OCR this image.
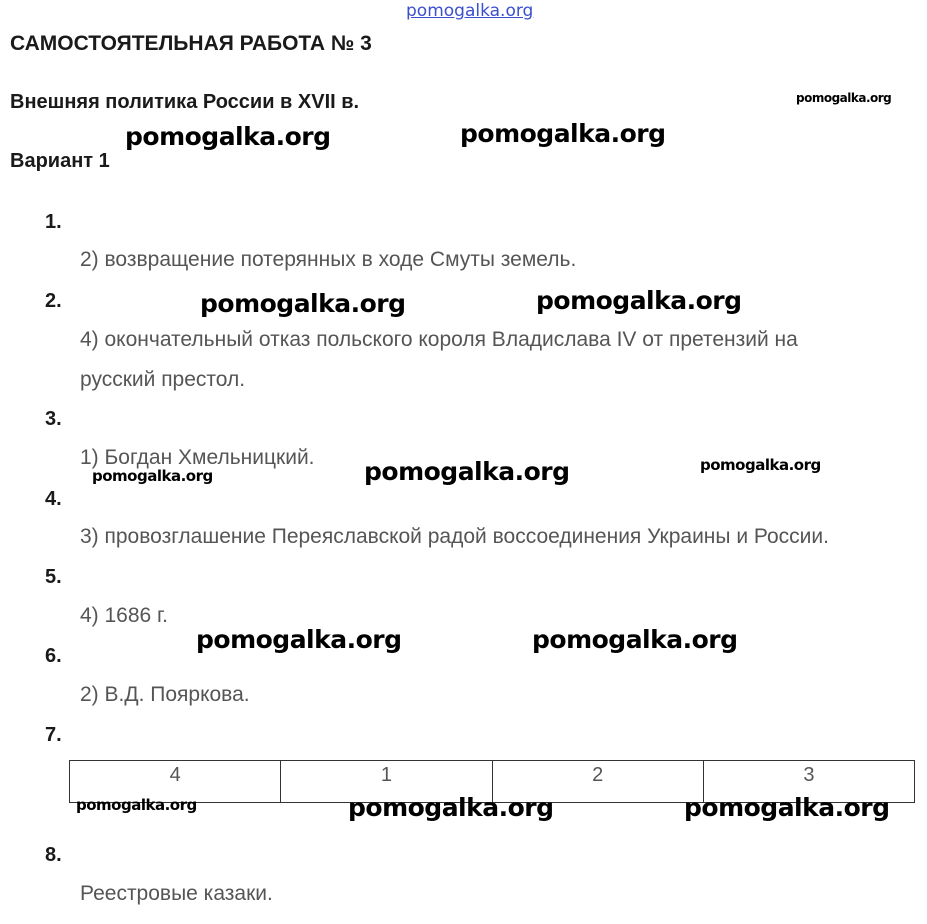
pomogalka.org
САМОСТОЯТЕЛЬНАЯ РАБОТА № 3
Внешняя политика России в XVII в.
Вариант 1
1.
2) возвращение потерянных в ходе Смуты земель.
2.
4) окончательный отказ польского короля Владислава IV от претензий на
русский престол.
3.
1) Богдан Хмельницкий.
4.
3) провозглашение Переяславской радой воссоединения Украины и России.
5.
4) 1686 г.
6.
2) В.Д. Пояркова.
7.
4	1	2	3
8.
Реестровые казаки.
pomogalka.org
pomogalka.org	pomogalka.org
pomogalka.org	pomogalka.org
pomogalka.org	pomogalka.org	pomogalka.org
pomogalka.org	pomogalka.org
pomogalka.org	pomogalka.org	pomogalka.org
